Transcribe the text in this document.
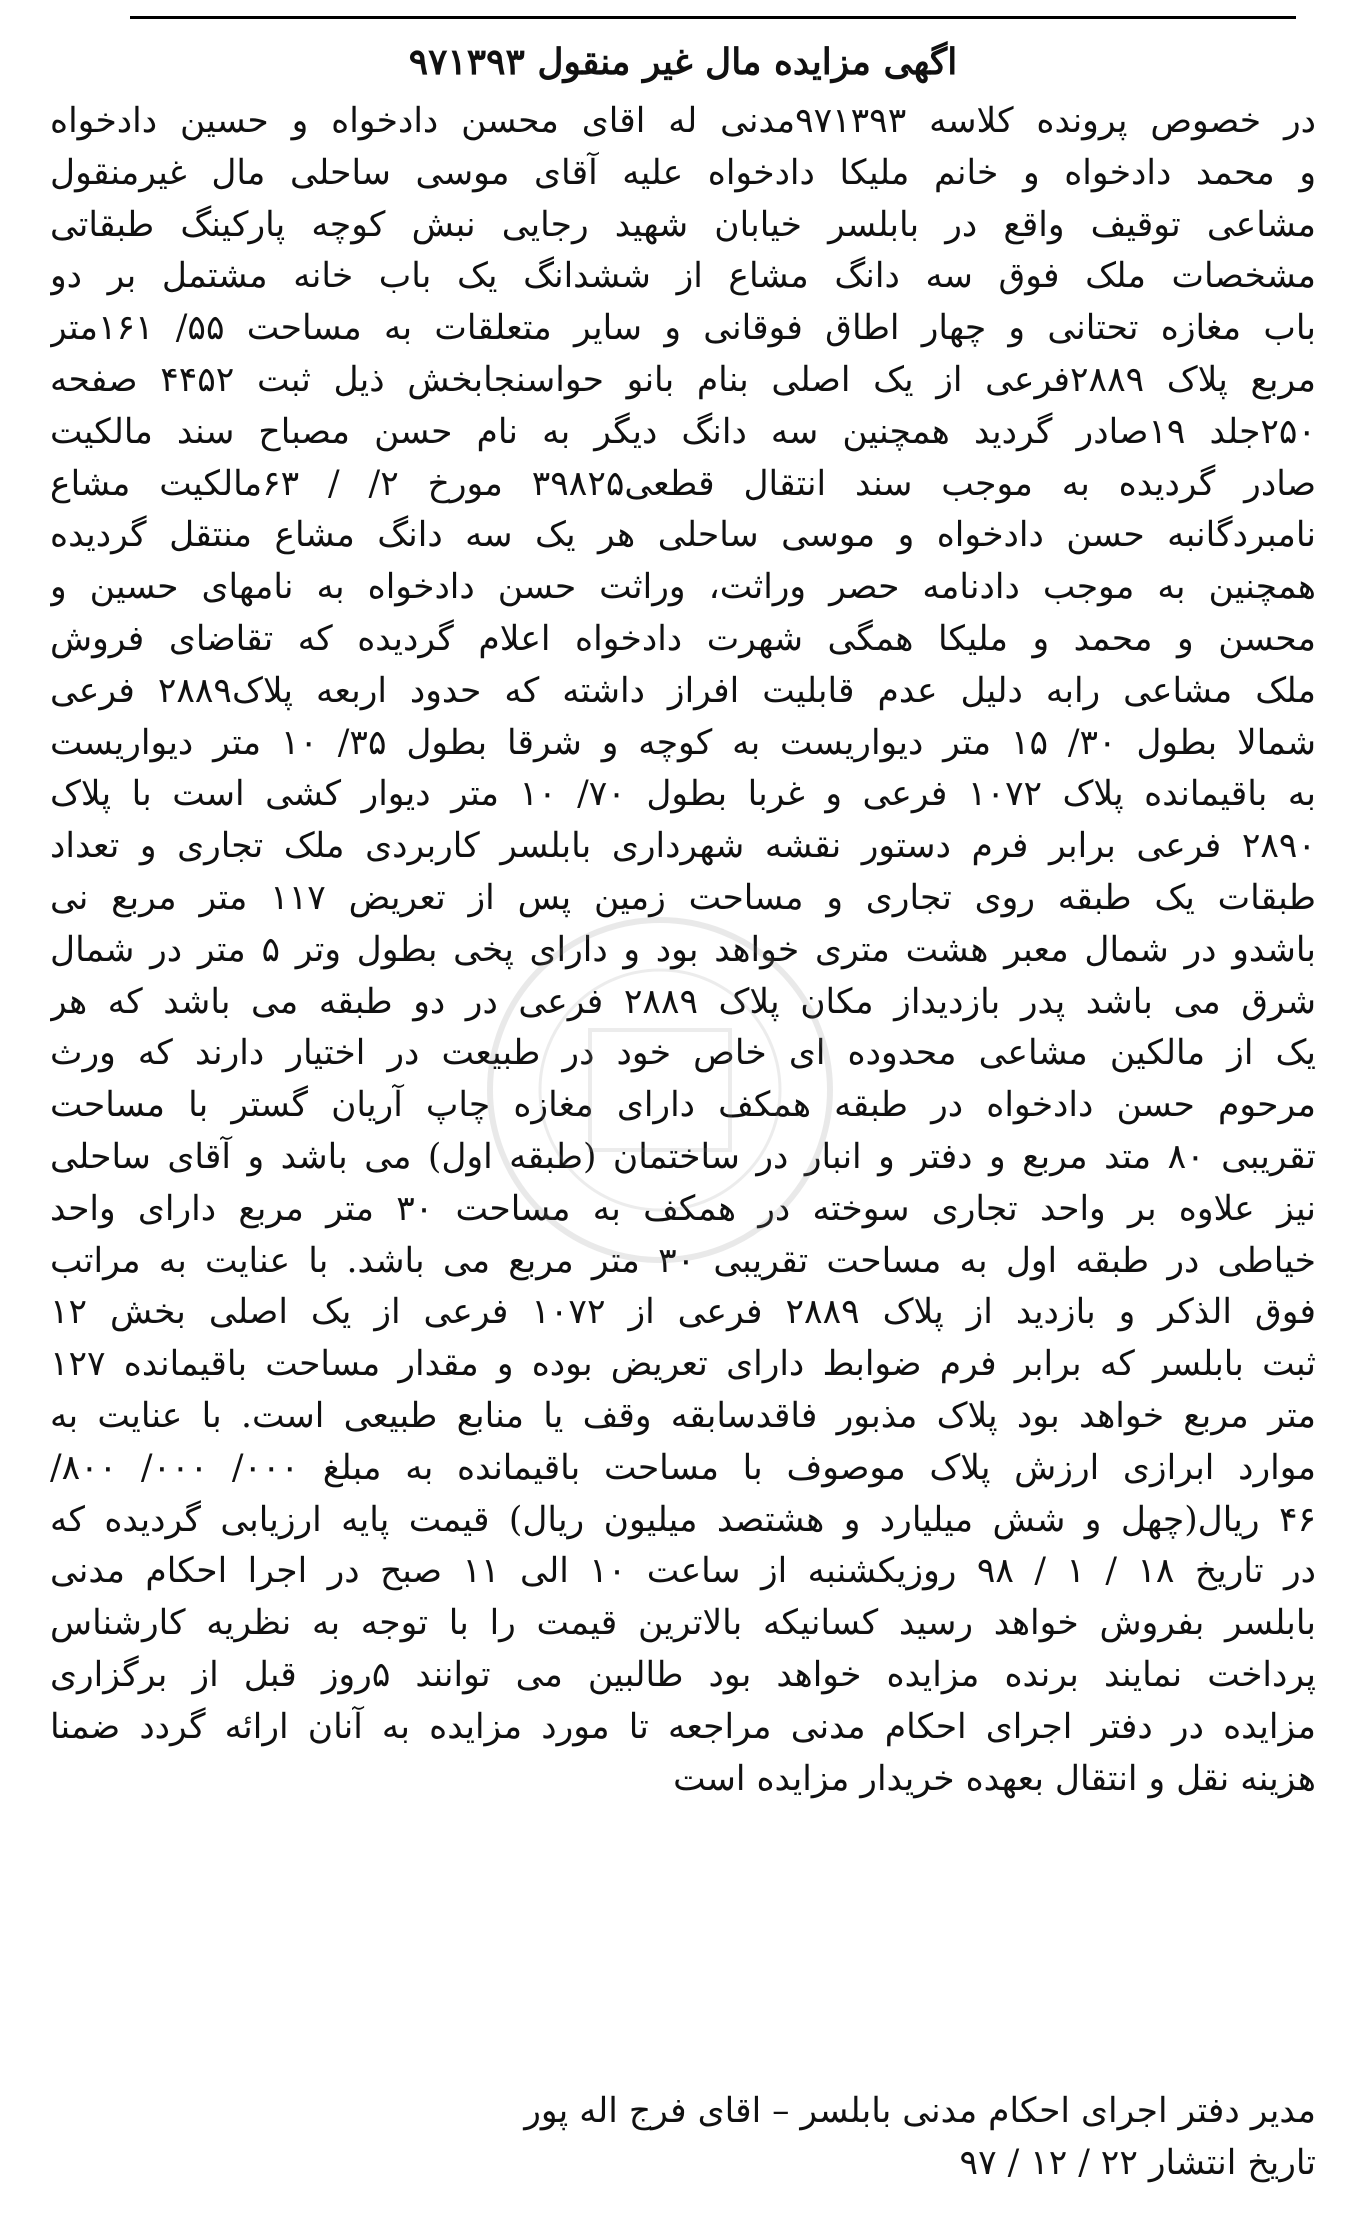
اگهی مزایده مال غیر منقول ۹۷۱۳۹۳
در خصوص پرونده کلاسه ۹۷۱۳۹۳مدنی له اقای محسن دادخواه و حسین دادخواه
و محمد دادخواه و خانم ملیکا دادخواه علیه آقای موسی ساحلی مال غیرمنقول
مشاعی توقیف واقع در بابلسر خیابان شهید رجایی نبش کوچه پارکینگ طبقاتی
مشخصات ملک فوق سه دانگ مشاع از ششدانگ یک باب خانه مشتمل بر دو
باب مغازه تحتانی و چهار اطاق فوقانی و سایر متعلقات به مساحت ۵۵/ ۱۶۱متر
مربع پلاک ۲۸۸۹فرعی از یک اصلی بنام بانو حواسنجابخش ذیل ثبت ۴۴۵۲ صفحه
۲۵۰جلد ۱۹صادر گردید همچنین سه دانگ دیگر به نام حسن مصباح سند مالکیت
صادر گردیده به موجب سند انتقال قطعی۳۹۸۲۵ مورخ ۲/ / ۶۳مالکیت مشاع
نامبردگانبه حسن دادخواه و موسی ساحلی هر یک سه دانگ مشاع منتقل گردیده
همچنین به موجب دادنامه حصر وراثت، وراثت حسن دادخواه به نامهای حسین و
محسن و محمد و ملیکا همگی شهرت دادخواه اعلام گردیده که تقاضای فروش
ملک مشاعی رابه دلیل عدم قابلیت افراز داشته که حدود اربعه پلاک۲۸۸۹ فرعی
شمالا بطول ۳۰/ ۱۵ متر دیواریست به کوچه و شرقا بطول ۳۵/ ۱۰ متر دیواریست
به باقیمانده پلاک ۱۰۷۲ فرعی و غربا بطول ۷۰/ ۱۰ متر دیوار کشی است با پلاک
۲۸۹۰ فرعی برابر فرم دستور نقشه شهرداری بابلسر کاربردی ملک تجاری و تعداد
طبقات یک طبقه روی تجاری و مساحت زمین پس از تعریض ۱۱۷ متر مربع نی
باشدو در شمال معبر هشت متری خواهد بود و دارای پخی بطول وتر ۵ متر در شمال
شرق می باشد پدر بازدیداز مکان پلاک ۲۸۸۹ فرعی در دو طبقه می باشد که هر
یک از مالکین مشاعی محدوده ای خاص خود در طبیعت در اختیار دارند که ورث
مرحوم حسن دادخواه در طبقه همکف دارای مغازه چاپ آریان گستر با مساحت
تقریبی ۸۰ متد مربع و دفتر و انبار در ساختمان (طبقه اول) می باشد و آقای ساحلی
نیز علاوه بر واحد تجاری سوخته در همکف به مساحت ۳۰ متر مربع دارای واحد
خیاطی در طبقه اول به مساحت تقریبی ۳۰ متر مربع می باشد. با عنایت به مراتب
فوق الذکر و بازدید از پلاک ۲۸۸۹ فرعی از ۱۰۷۲ فرعی از یک اصلی بخش ۱۲
ثبت بابلسر که برابر فرم ضوابط دارای تعریض بوده و مقدار مساحت باقیمانده ۱۲۷
متر مربع خواهد بود پلاک مذبور فاقدسابقه وقف یا منابع طبیعی است. با عنایت به
موارد ابرازی ارزش پلاک موصوف با مساحت باقیمانده به مبلغ ۰۰۰/ ۰۰۰/ ۸۰۰/
۴۶ ریال(چهل و شش میلیارد و هشتصد میلیون ریال) قیمت پایه ارزیابی گردیده که
در تاریخ ۱۸ / ۱ / ۹۸ روزیکشنبه از ساعت ۱۰ الی ۱۱ صبح در اجرا احکام مدنی
بابلسر بفروش خواهد رسید کسانیکه بالاترین قیمت را با توجه به نظریه کارشناس
پرداخت نمایند برنده مزایده خواهد بود طالبین می توانند ۵روز قبل از برگزاری
مزایده در دفتر اجرای احکام مدنی مراجعه تا مورد مزایده به آنان ارائه گردد ضمنا
هزینه نقل و انتقال بعهده خریدار مزایده است

مدیر دفتر اجرای احکام مدنی بابلسر – اقای فرج اله پور

تاریخ انتشار ۲۲ / ۱۲ / ۹۷
